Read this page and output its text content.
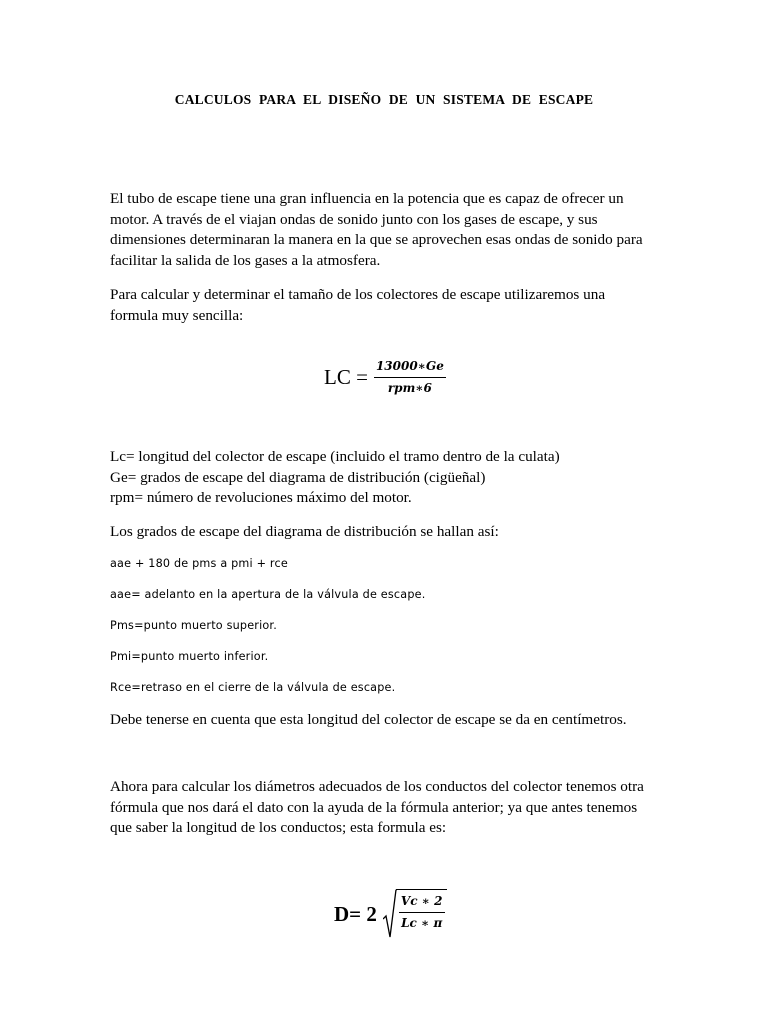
CALCULOS PARA EL DISEÑO DE UN SISTEMA DE ESCAPE
El tubo de escape tiene una gran influencia en la potencia que es capaz de ofrecer un
motor. A través de el viajan ondas de sonido junto con los gases de escape, y sus
dimensiones determinaran la manera en la que se aprovechen esas ondas de sonido para
facilitar la salida de los gases a la atmosfera.
Para calcular y determinar el tamaño de los colectores de escape utilizaremos una
formula muy sencilla:
LC = $\frac{13000∗Ge}{\text{rpm∗6}}$
Lc= longitud del colector de escape (incluido el tramo dentro de la culata)
Ge= grados de escape del diagrama de distribución (cigüeñal)
rpm= número de revoluciones máximo del motor.
Los grados de escape del diagrama de distribución se hallan así:
aae + 180 de pms a pmi + rce
aae= adelanto en la apertura de la válvula de escape.
Pms=punto muerto superior.
Pmi=punto muerto inferior.
Rce=retraso en el cierre de la válvula de escape.
Debe tenerse en cuenta que esta longitud del colector de escape se da en centímetros.
Ahora para calcular los diámetros adecuados de los conductos del colector tenemos otra
fórmula que nos dará el dato con la ayuda de la fórmula anterior; ya que antes tenemos
que saber la longitud de los conductos; esta formula es:
$D= 2 \frac{Vc ∗ 2}{Lc ∗ \pi}$
